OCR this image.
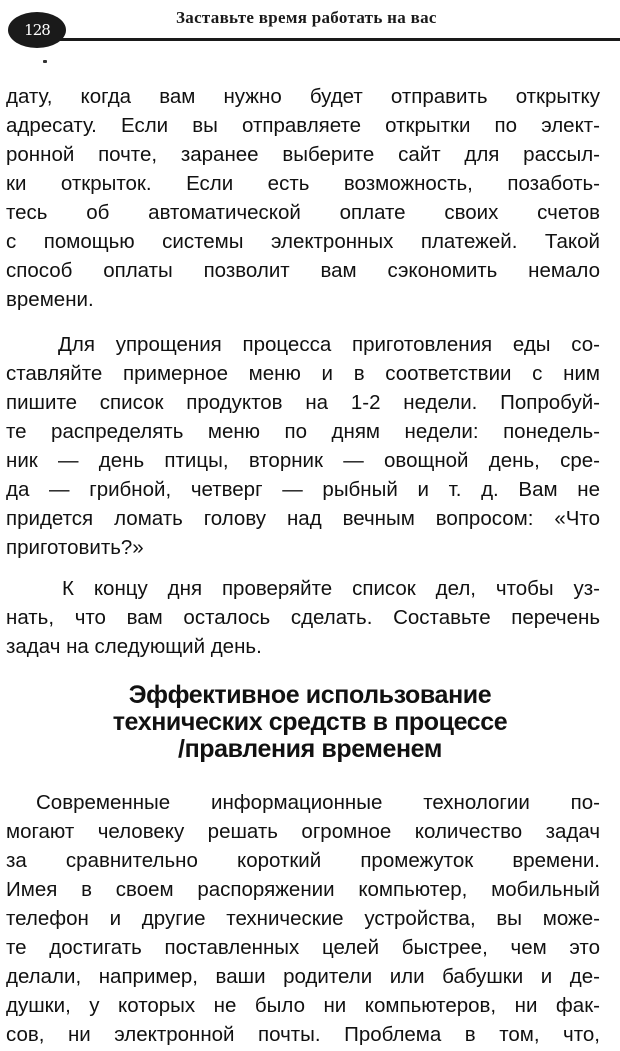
128
Заставьте время работать на вас
дату, когда вам нужно будет отправить открытку
адресату. Если вы отправляете открытки по элект-
ронной почте, заранее выберите сайт для рассыл-
ки открыток. Если есть возможность, позаботь-
тесь об автоматической оплате своих счетов
с помощью системы электронных платежей. Такой
способ оплаты позволит вам сэкономить немало
времени.
Для упрощения процесса приготовления еды со-
ставляйте примерное меню и в соответствии с ним
пишите список продуктов на 1-2 недели. Попробуй-
те распределять меню по дням недели: понедель-
ник — день птицы, вторник — овощной день, сре-
да — грибной, четверг — рыбный и т. д. Вам не
придется ломать голову над вечным вопросом: «Что
приготовить?»
К концу дня проверяйте список дел, чтобы уз-
нать, что вам осталось сделать. Составьте перечень
задач на следующий день.
Эффективное использование
технических средств в процессе
/правления временем
Современные информационные технологии по-
могают человеку решать огромное количество задач
за сравнительно короткий промежуток времени.
Имея в своем распоряжении компьютер, мобильный
телефон и другие технические устройства, вы може-
те достигать поставленных целей быстрее, чем это
делали, например, ваши родители или бабушки и де-
душки, у которых не было ни компьютеров, ни фак-
сов, ни электронной почты. Проблема в том, что,
